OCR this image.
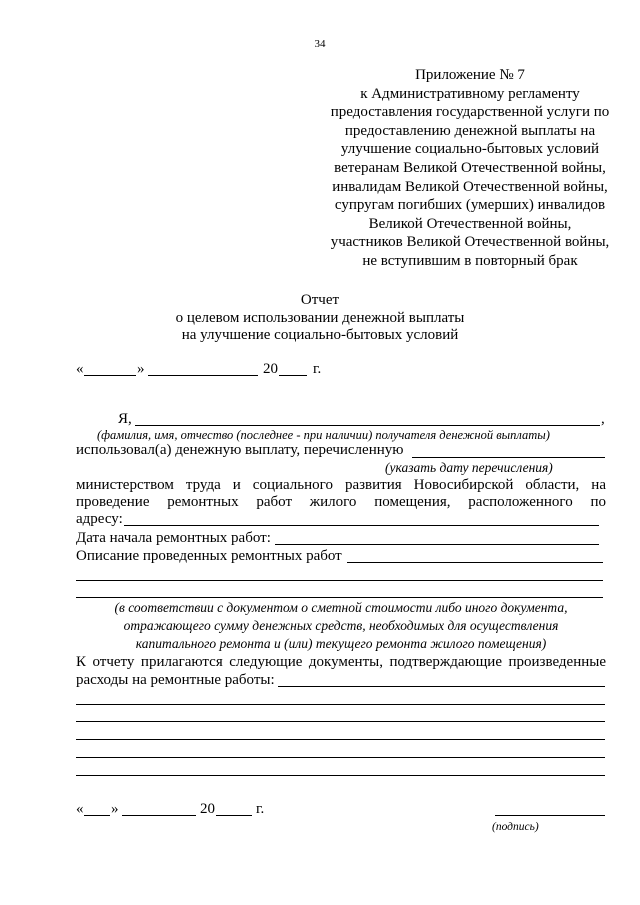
34
Приложение № 7
к Административному регламенту
предоставления государственной услуги по
предоставлению денежной выплаты на
улучшение социально-бытовых условий
ветеранам Великой Отечественной войны,
инвалидам Великой Отечественной войны,
супругам погибших (умерших) инвалидов
Великой Отечественной войны,
участников Великой Отечественной войны,
не вступившим в повторный брак
Отчет
о целевом использовании денежной выплаты
на улучшение социально-бытовых условий
«	»	20 г.
Я,	,
(фамилия, имя, отчество (последнее - при наличии) получателя денежной выплаты)
использовал(а) денежную выплату, перечисленную
(указать дату перечисления)
министерством труда и социального развития Новосибирской области, на
проведение ремонтных работ жилого помещения, расположенного по
адресу:
Дата начала ремонтных работ:
Описание проведенных ремонтных работ
(в соответствии с документом о сметной стоимости либо иного документа,
отражающего сумму денежных средств, необходимых для осуществления
капитального ремонта и (или) текущего ремонта жилого помещения)
К отчету прилагаются следующие документы, подтверждающие произведенные
расходы на ремонтные работы:
« »	20	г.
(подпись)
